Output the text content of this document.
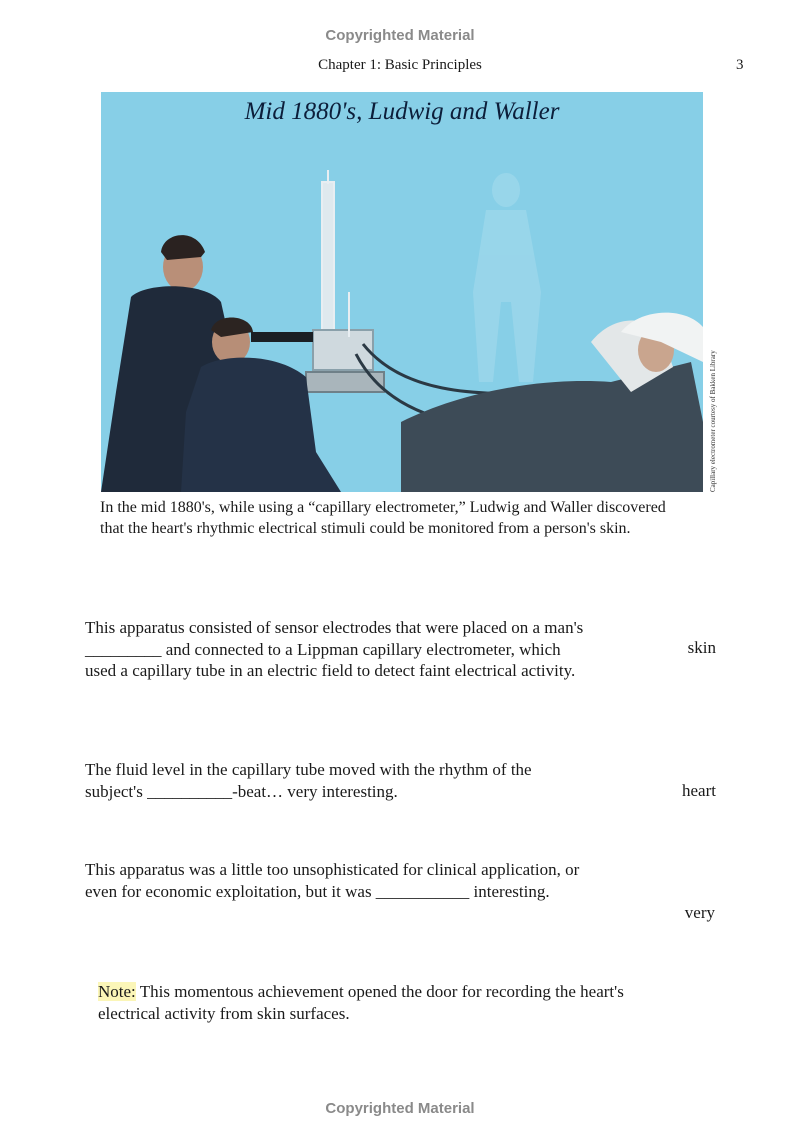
Copyrighted Material
Chapter 1: Basic Principles	3
Mid 1880's, Ludwig and Waller
Capillary electrometer courtesy of Bakken Library
In the mid 1880's, while using a “capillary electrometer,” Ludwig and Waller discovered that the heart's rhythmic electrical stimuli could be monitored from a person's skin.
This apparatus consisted of sensor electrodes that were placed on a man's _________ and connected to a Lippman capillary electrometer, which used a capillary tube in an electric field to detect faint electrical activity.
skin
The fluid level in the capillary tube moved with the rhythm of the subject's __________-beat… very interesting.	heart
This apparatus was a little too unsophisticated for clinical application, or even for economic exploitation, but it was ___________ interesting.
very
Note: This momentous achievement opened the door for recording the heart's electrical activity from skin surfaces.
Copyrighted Material
